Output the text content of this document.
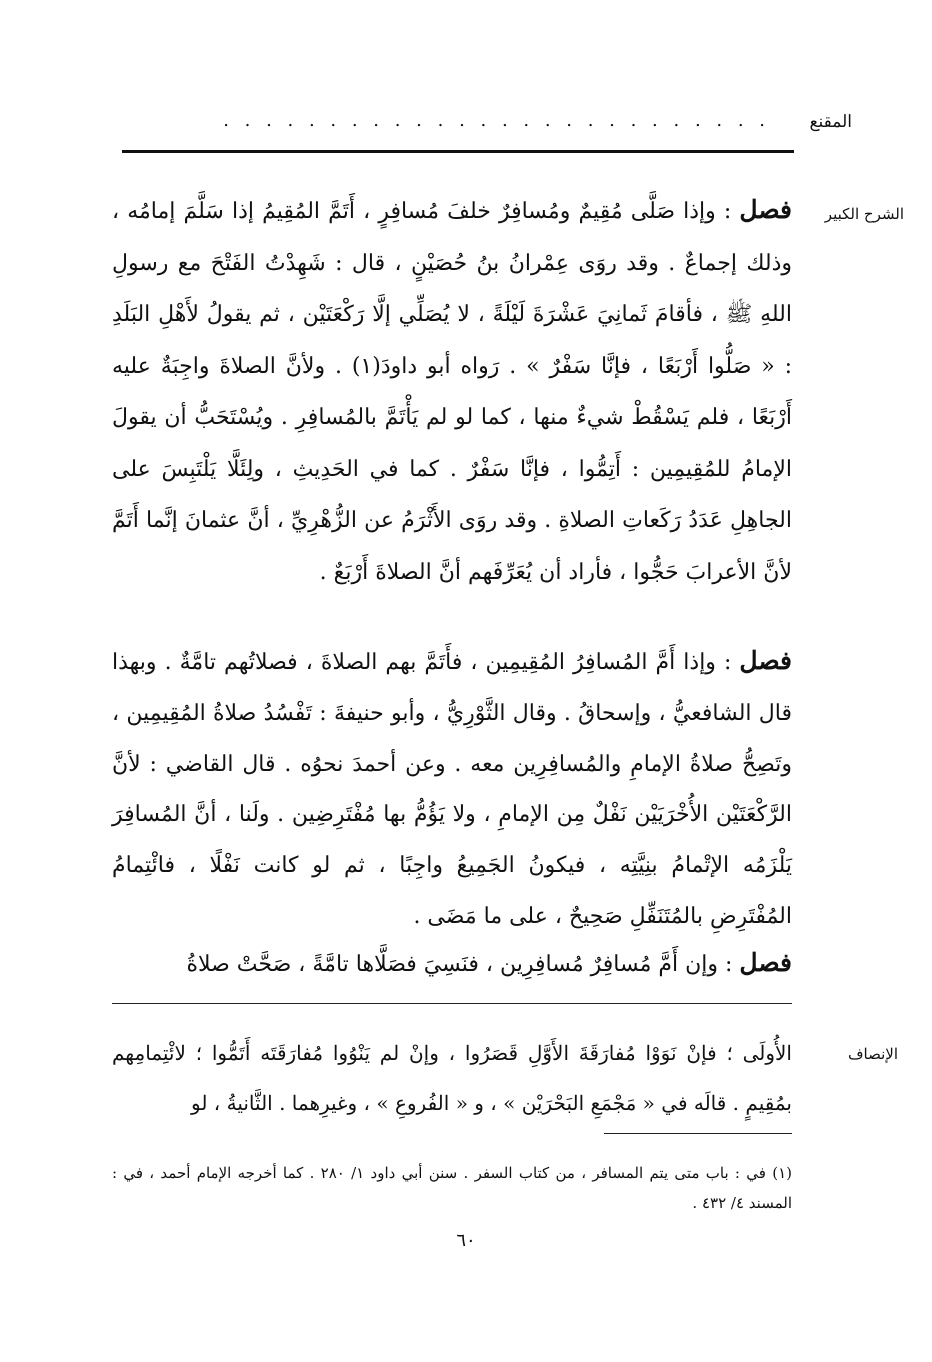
المقنع
. . . . . . . . . . . . . . . . . . . . . . . . . .
الشرح الكبير

فصل : وإذا صَلَّى مُقِيمٌ ومُسافِرٌ خلفَ مُسافِرٍ ، أَتَمَّ المُقِيمُ إذا سَلَّمَ إمامُه ، وذلك إجماعٌ . وقد روَى عِمْرانُ بنُ حُصَيْنٍ ، قال : شَهِدْتُ الفَتْحَ مع رسولِ اللهِ ﷺ ، فأقامَ ثَمانِيَ عَشْرَةَ لَيْلَةً ، لا يُصَلِّي إلَّا رَكْعَتَيْن ، ثم يقولُ لأَهْلِ البَلَدِ : « صَلُّوا أَرْبَعًا ، فإنَّا سَفْرٌ » . رَواه أبو داودَ(١) . ولأنَّ الصلاةَ واجِبَةٌ عليه أَرْبَعًا ، فلم يَسْقُطْ شيءٌ منها ، كما لو لم يَأْتَمَّ بالمُسافِرِ . ويُسْتَحَبُّ أن يقولَ الإمامُ للمُقِيمِين : أَتِمُّوا ، فإنَّا سَفْرٌ . كما في الحَدِيثِ ، ولِئَلَّا يَلْتَبِسَ على الجاهِلِ عَدَدُ رَكَعاتِ الصلاةِ . وقد روَى الأَثْرَمُ عن الزُّهْرِيِّ ، أنَّ عثمانَ إنَّما أَتَمَّ لأنَّ الأعرابَ حَجُّوا ، فأراد أن يُعَرِّفَهم أنَّ الصلاةَ أَرْبَعٌ .

فصل : وإذا أَمَّ المُسافِرُ المُقِيمِين ، فأَتَمَّ بهم الصلاةَ ، فصلاتُهم تامَّةٌ . وبهذا قال الشافعيُّ ، وإسحاقُ . وقال الثَّوْرِيُّ ، وأبو حنيفةَ : تَفْسُدُ صلاةُ المُقِيمِين ، وتَصِحُّ صلاةُ الإمامِ والمُسافِرِين معه . وعن أحمدَ نحوُه . قال القاضي : لأنَّ الرَّكْعَتَيْن الأُخْرَيَيْن نَفْلٌ مِن الإمامِ ، ولا يَؤُمُّ بها مُفْتَرِضِين . ولَنا ، أنَّ المُسافِرَ يَلْزَمُه الإتْمامُ بنِيَّتِه ، فيكونُ الجَمِيعُ واجِبًا ، ثم لو كانت نَفْلًا ، فائْتِمامُ المُفْتَرِضِ بالمُتَنَفِّلِ صَحِيحٌ ، على ما مَضَى .

فصل : وإن أَمَّ مُسافِرٌ مُسافِرِين ، فنَسِيَ فصَلَّاها تامَّةً ، صَحَّتْ صلاةُ

الإنصاف

الأُولَى ؛ فإنْ نَوَوْا مُفارَقَةَ الأَوَّلِ قَصَرُوا ، وإنْ لم يَنْوُوا مُفارَقَتَه أَتَمُّوا ؛ لائْتِمامِهم بمُقِيمٍ . قالَه في « مَجْمَعِ البَحْرَيْن » ، و « الفُروعِ » ، وغيرِهما . الثَّانيةُ ، لو

(١) في : باب متى يتم المسافر ، من كتاب السفر . سنن أبي داود ١/ ٢٨٠ . كما أخرجه الإمام أحمد ، في : المسند ٤/ ٤٣٢ .

٦٠
